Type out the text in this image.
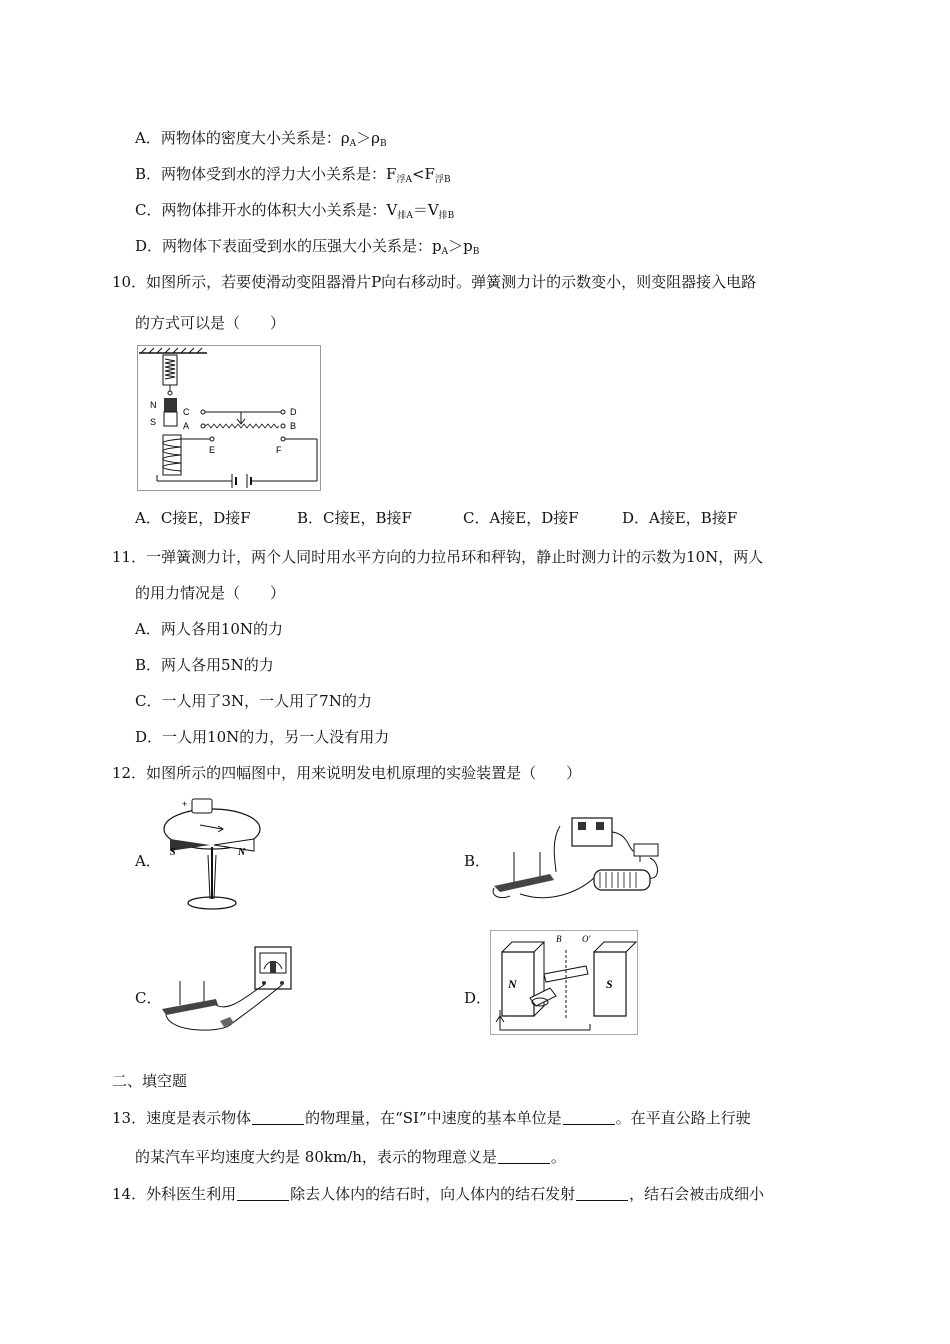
A．两物体的密度大小关系是：$\rho_A>\rho_B$
B．两物体受到水的浮力大小关系是：$F_{浮A}<F_{浮B}$
C．两物体排开水的体积大小关系是：$V_{排A}=V_{排B}$
D．两物体下表面受到水的压强大小关系是：$p_A>p_B$
10．如图所示，若要使滑动变阻器滑片P向右移动时。弹簧测力计的示数变小，则变阻器接入电路
的方式可以是（　　）
N
S
C
A
D
B
E	F
A．C接E，D接F	B．C接E，B接F	C．A接E，D接F	D．A接E，B接F
11．一弹簧测力计，两个人同时用水平方向的力拉吊环和秤钩，静止时测力计的示数为10N，两人
的用力情况是（　　）
A．两人各用10N的力
B．两人各用5N的力
C．一人用了3N，一人用了7N的力
D．一人用10N的力，另一人没有用力
12．如图所示的四幅图中，用来说明发电机原理的实验装置是（　　）
A．
+
S	N	B．
C．	D．
N	S
B O′
二、填空题
13．速度是表示物体	的物理量，在“SI”中速度的基本单位是	。在平直公路上行驶
的某汽车平均速度大约是 80km/h，表示的物理意义是	。
14．外科医生利用	除去人体内的结石时，向人体内的结石发射	，结石会被击成细小
